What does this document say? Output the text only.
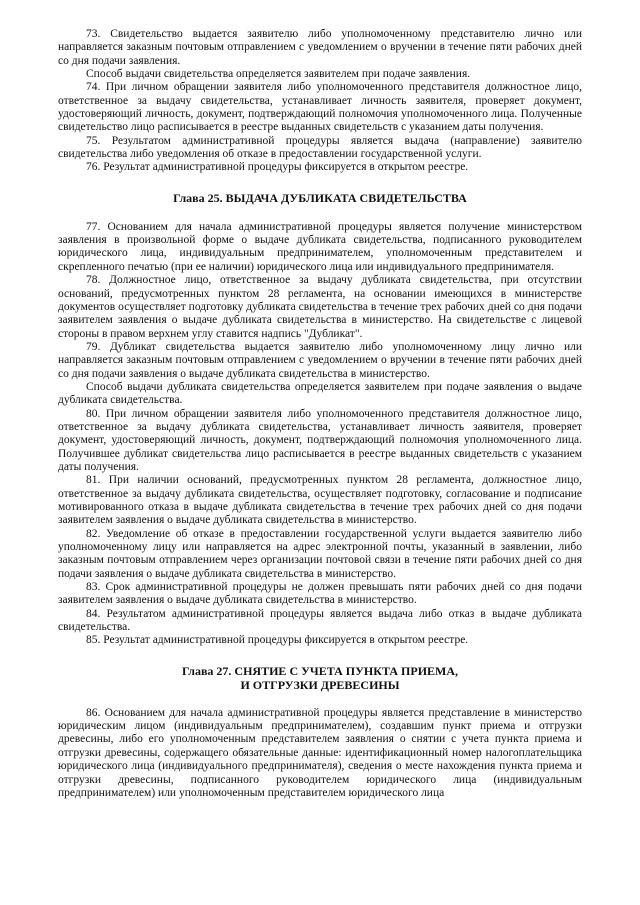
73. Свидетельство выдается заявителю либо уполномоченному представителю лично или направляется заказным почтовым отправлением с уведомлением о вручении в течение пяти рабочих дней со дня подачи заявления.

Способ выдачи свидетельства определяется заявителем при подаче заявления.

74. При личном обращении заявителя либо уполномоченного представителя должностное лицо, ответственное за выдачу свидетельства, устанавливает личность заявителя, проверяет документ, удостоверяющий личность, документ, подтверждающий полномочия уполномоченного лица. Полученные свидетельство лицо расписывается в реестре выданных свидетельств с указанием даты получения.

75. Результатом административной процедуры является выдача (направление) заявителю свидетельства либо уведомления об отказе в предоставлении государственной услуги.

76. Результат административной процедуры фиксируется в открытом реестре.

Глава 25. ВЫДАЧА ДУБЛИКАТА СВИДЕТЕЛЬСТВА

77. Основанием для начала административной процедуры является получение министерством заявления в произвольной форме о выдаче дубликата свидетельства, подписанного руководителем юридического лица, индивидуальным предпринимателем, уполномоченным представителем и скрепленного печатью (при ее наличии) юридического лица или индивидуального предпринимателя.

78. Должностное лицо, ответственное за выдачу дубликата свидетельства, при отсутствии оснований, предусмотренных пунктом 28 регламента, на основании имеющихся в министерстве документов осуществляет подготовку дубликата свидетельства в течение трех рабочих дней со дня подачи заявителем заявления о выдаче дубликата свидетельства в министерство. На свидетельстве с лицевой стороны в правом верхнем углу ставится надпись "Дубликат".

79. Дубликат свидетельства выдается заявителю либо уполномоченному лицу лично или направляется заказным почтовым отправлением с уведомлением о вручении в течение пяти рабочих дней со дня подачи заявления о выдаче дубликата свидетельства в министерство.

Способ выдачи дубликата свидетельства определяется заявителем при подаче заявления о выдаче дубликата свидетельства.

80. При личном обращении заявителя либо уполномоченного представителя должностное лицо, ответственное за выдачу дубликата свидетельства, устанавливает личность заявителя, проверяет документ, удостоверяющий личность, документ, подтверждающий полномочия уполномоченного лица. Получившее дубликат свидетельства лицо расписывается в реестре выданных свидетельств с указанием даты получения.

81. При наличии оснований, предусмотренных пунктом 28 регламента, должностное лицо, ответственное за выдачу дубликата свидетельства, осуществляет подготовку, согласование и подписание мотивированного отказа в выдаче дубликата свидетельства в течение трех рабочих дней со дня подачи заявителем заявления о выдаче дубликата свидетельства в министерство.

82. Уведомление об отказе в предоставлении государственной услуги выдается заявителю либо уполномоченному лицу или направляется на адрес электронной почты, указанный в заявлении, либо заказным почтовым отправлением через организации почтовой связи в течение пяти рабочих дней со дня подачи заявления о выдаче дубликата свидетельства в министерство.

83. Срок административной процедуры не должен превышать пяти рабочих дней со дня подачи заявителем заявления о выдаче дубликата свидетельства в министерство.

84. Результатом административной процедуры является выдача либо отказ в выдаче дубликата свидетельства.

85. Результат административной процедуры фиксируется в открытом реестре.

Глава 27. СНЯТИЕ С УЧЕТА ПУНКТА ПРИЕМА,
И ОТГРУЗКИ ДРЕВЕСИНЫ

86. Основанием для начала административной процедуры является представление в министерство юридическим лицом (индивидуальным предпринимателем), создавшим пункт приема и отгрузки древесины, либо его уполномоченным представителем заявления о снятии с учета пункта приема и отгрузки древесины, содержащего обязательные данные: идентификационный номер налогоплательщика юридического лица (индивидуального предпринимателя), сведения о месте нахождения пункта приема и отгрузки древесины, подписанного руководителем юридического лица (индивидуальным предпринимателем) или уполномоченным представителем юридического лица
